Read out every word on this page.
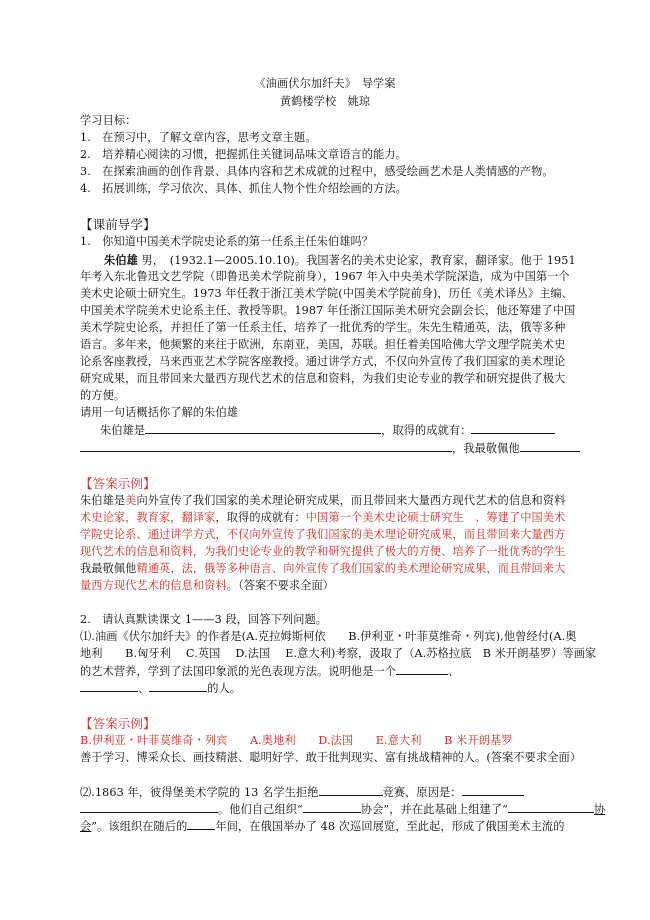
《油画伏尔加纤夫》　导学案
黄鹤楼学校　姚琼
学习目标：
1.　在预习中，了解文章内容，思考文章主题。
2.　培养精心阅读的习惯，把握抓住关键词品味文章语言的能力。
3.　在探索油画的创作背景、具体内容和艺术成就的过程中，感受绘画艺术是人类情感的产物。
4.　拓展训练，学习依次、具体、抓住人物个性介绍绘画的方法。
【课前导学】
1.　你知道中国美术学院史论系的第一任系主任朱伯雄吗？
朱伯雄 男，　(1932.1—2005.10.10)。我国著名的美术史论家，教育家，翻译家。他于 1951
年考入东北鲁迅文艺学院（即鲁迅美术学院前身），1967 年入中央美术学院深造，成为中国第一个
美术史论硕士研究生。1973 年任教于浙江美术学院(中国美术学院前身)，历任《美术译丛》主编、
中国美术学院美术史论系主任、教授等职。1987 年任浙江国际美术研究会副会长，他还筹建了中国
美术学院史论系，并担任了第一任系主任，培养了一批优秀的学生。朱先生精通英，法，俄等多种
语言。多年来，他频繁的来往于欧洲，东南亚，美国，苏联。担任着美国哈佛大学文理学院美术史
论系客座教授，马来西亚艺术学院客座教授。通过讲学方式，不仅向外宣传了我们国家的美术理论
研究成果，而且带回来大量西方现代艺术的信息和资料，为我们史论专业的教学和研究提供了极大
的方便。
请用一句话概括你了解的朱伯雄
朱伯雄是	，取得的成就有：
，我最敬佩他
【答案示例】
朱伯雄是美向外宣传了我们国家的美术理论研究成果，而且带回来大量西方现代艺术的信息和资料
术史论家，教育家，翻译家，取得的成就有：中国第一个美术史论硕士研究生　、筹建了中国美术
学院史论系、通过讲学方式，不仅向外宣传了我们国家的美术理论研究成果，而且带回来大量西方
现代艺术的信息和资料，为我们史论专业的教学和研究提供了极大的方便、培养了一批优秀的学生
我最敬佩他精通英，法，俄等多种语言、向外宣传了我们国家的美术理论研究成果，而且带回来大
量西方现代艺术的信息和资料。（答案不要求全面）
2.　请认真默读课文 1——3 段，回答下列问题。
⑴.油画《伏尔加纤夫》的作者是(A.克拉姆斯柯依　　B.伊利亚・叶菲莫维奇・列宾),他曾经付(A.奥
地利　　B.匈牙利　 C.英国　 D.法国　 E.意大利)考察，汲取了（A.苏格拉底　B 米开朗基罗）等画家
的艺术营养，学到了法国印象派的光色表现方法。说明他是一个	、
、	的人。
【答案示例】
B.伊利亚・叶菲莫维奇・列宾　　A.奥地利　　D.法国　　E.意大利　　B 米开朗基罗
善于学习、博采众长、画技精湛、聪明好学、敢于批判现实、富有挑战精神的人。(答案不要求全面）
⑵.1863 年，彼得堡美术学院的 13 名学生拒绝	竞赛，原因是：
。他们自己组织“	协会”，并在此基础上组建了“	协
会”。该组织在随后的	年间，在俄国举办了 48 次巡回展览，至此起，形成了俄国美术主流的
